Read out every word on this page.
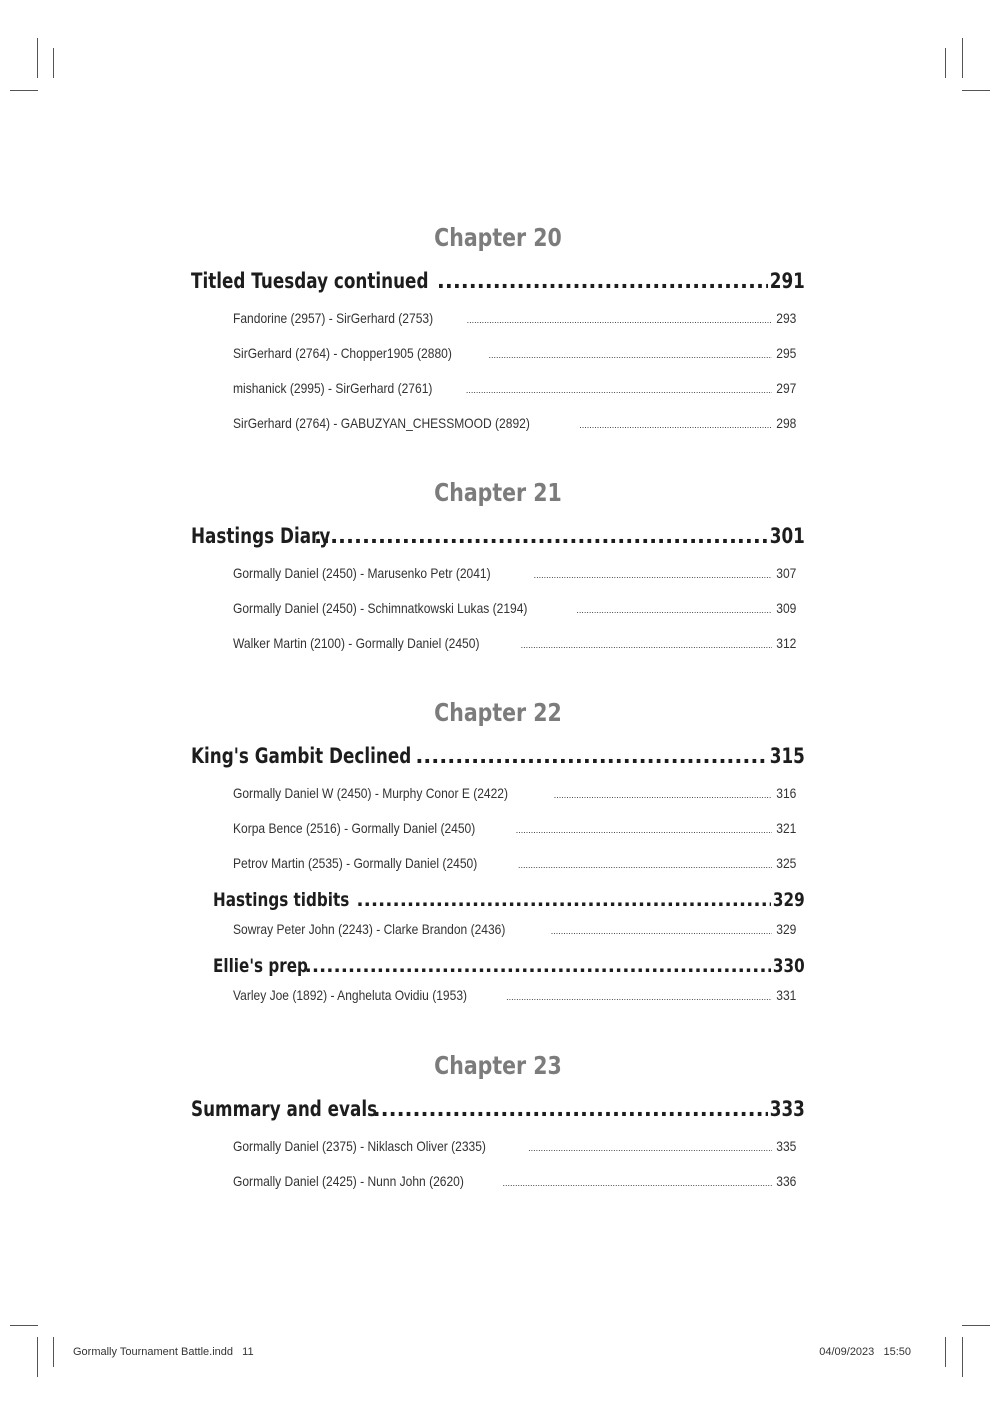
Chapter 20
Titled Tuesday continued .....	291
Fandorine (2957) - SirGerhard (2753) .....	293
SirGerhard (2764) - Chopper1905 (2880) .....	295
mishanick (2995) - SirGerhard (2761) .....	297
SirGerhard (2764) - GABUZYAN_CHESSMOOD (2892) .....	298
Chapter 21
Hastings Diary .....	301
Gormally Daniel (2450) - Marusenko Petr (2041) .....	307
Gormally Daniel (2450) - Schimnatkowski Lukas (2194) .....	309
Walker Martin (2100) - Gormally Daniel (2450) .....	312
Chapter 22
King's Gambit Declined .....	315
Gormally Daniel W (2450) - Murphy Conor E (2422) .....	316
Korpa Bence (2516) - Gormally Daniel (2450) .....	321
Petrov Martin (2535) - Gormally Daniel (2450) .....	325
Hastings tidbits .....	329
Sowray Peter John (2243) - Clarke Brandon (2436) .....	329
Ellie's prep .....	330
Varley Joe (1892) - Angheluta Ovidiu (1953) .....	331
Chapter 23
Summary and evals .....	333
Gormally Daniel (2375) - Niklasch Oliver (2335) .....	335
Gormally Daniel (2425) - Nunn John (2620) .....	336
Gormally Tournament Battle.indd 11	04/09/2023 15:50
